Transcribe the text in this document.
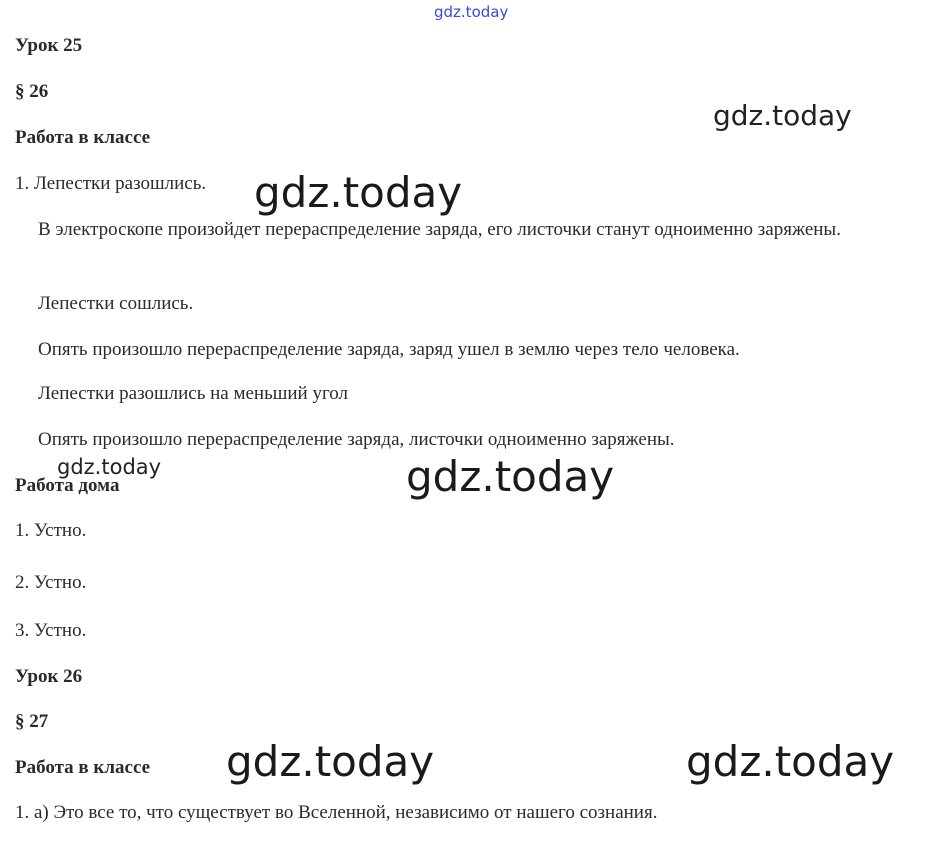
gdz.today
gdz.today
gdz.today
gdz.today	gdz.today
gdz.today	gdz.today
Урок 25
§ 26
Работа в классе
1. Лепестки разошлись.
В электроскопе произойдет перераспределение заряда, его листочки станут одноименно заряжены.
Лепестки сошлись.
Опять произошло перераспределение заряда, заряд ушел в землю через тело человека.
Лепестки разошлись на меньший угол
Опять произошло перераспределение заряда, листочки одноименно заряжены.
Работа дома
1. Устно.
2. Устно.
3. Устно.
Урок 26
§ 27
Работа в классе
1. а) Это все то, что существует во Вселенной, независимо от нашего сознания.
